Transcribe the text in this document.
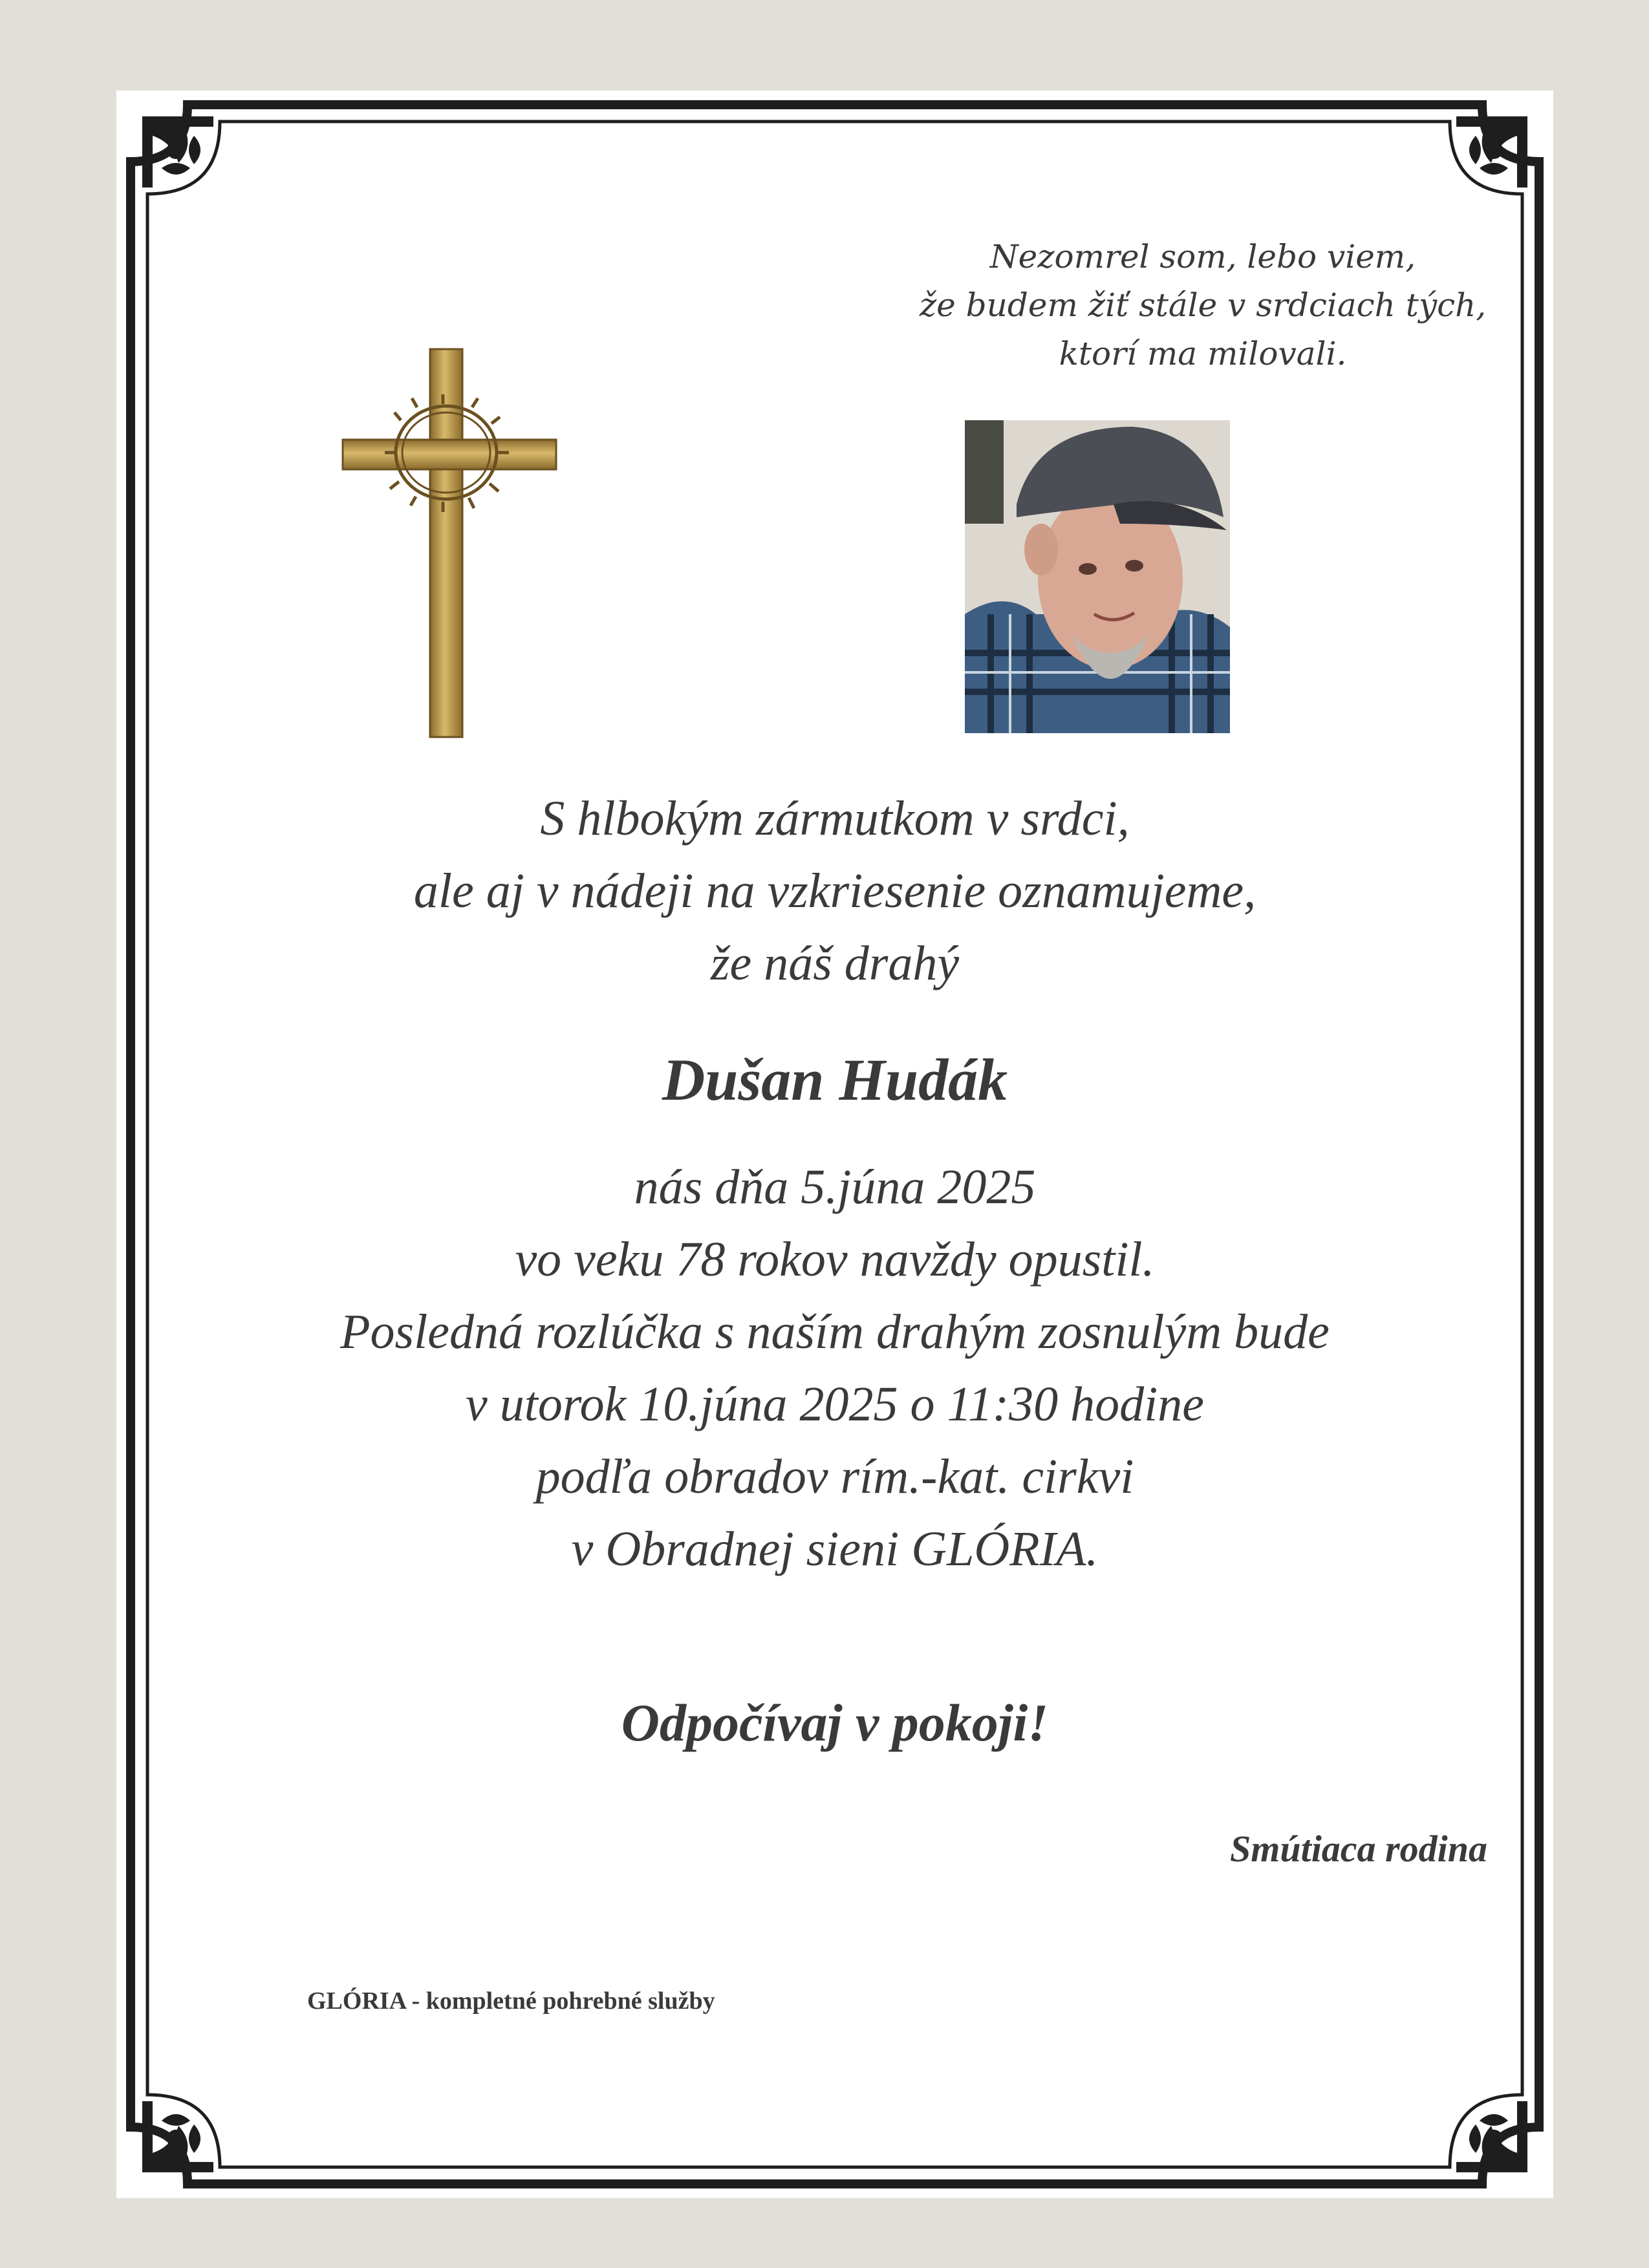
Nezomrel som, lebo viem,
že budem žiť stále v srdciach tých,
ktorí ma milovali.
S hlbokým zármutkom v srdci,
ale aj v nádeji na vzkriesenie oznamujeme,
že náš drahý
Dušan Hudák
nás dňa 5.júna 2025
vo veku 78 rokov navždy opustil.
Posledná rozlúčka s naším drahým zosnulým bude
v utorok 10.júna 2025 o 11:30 hodine
podľa obradov rím.-kat. cirkvi
v Obradnej sieni GLÓRIA.
Odpočívaj v pokoji!
Smútiaca rodina
GLÓRIA - kompletné pohrebné služby
